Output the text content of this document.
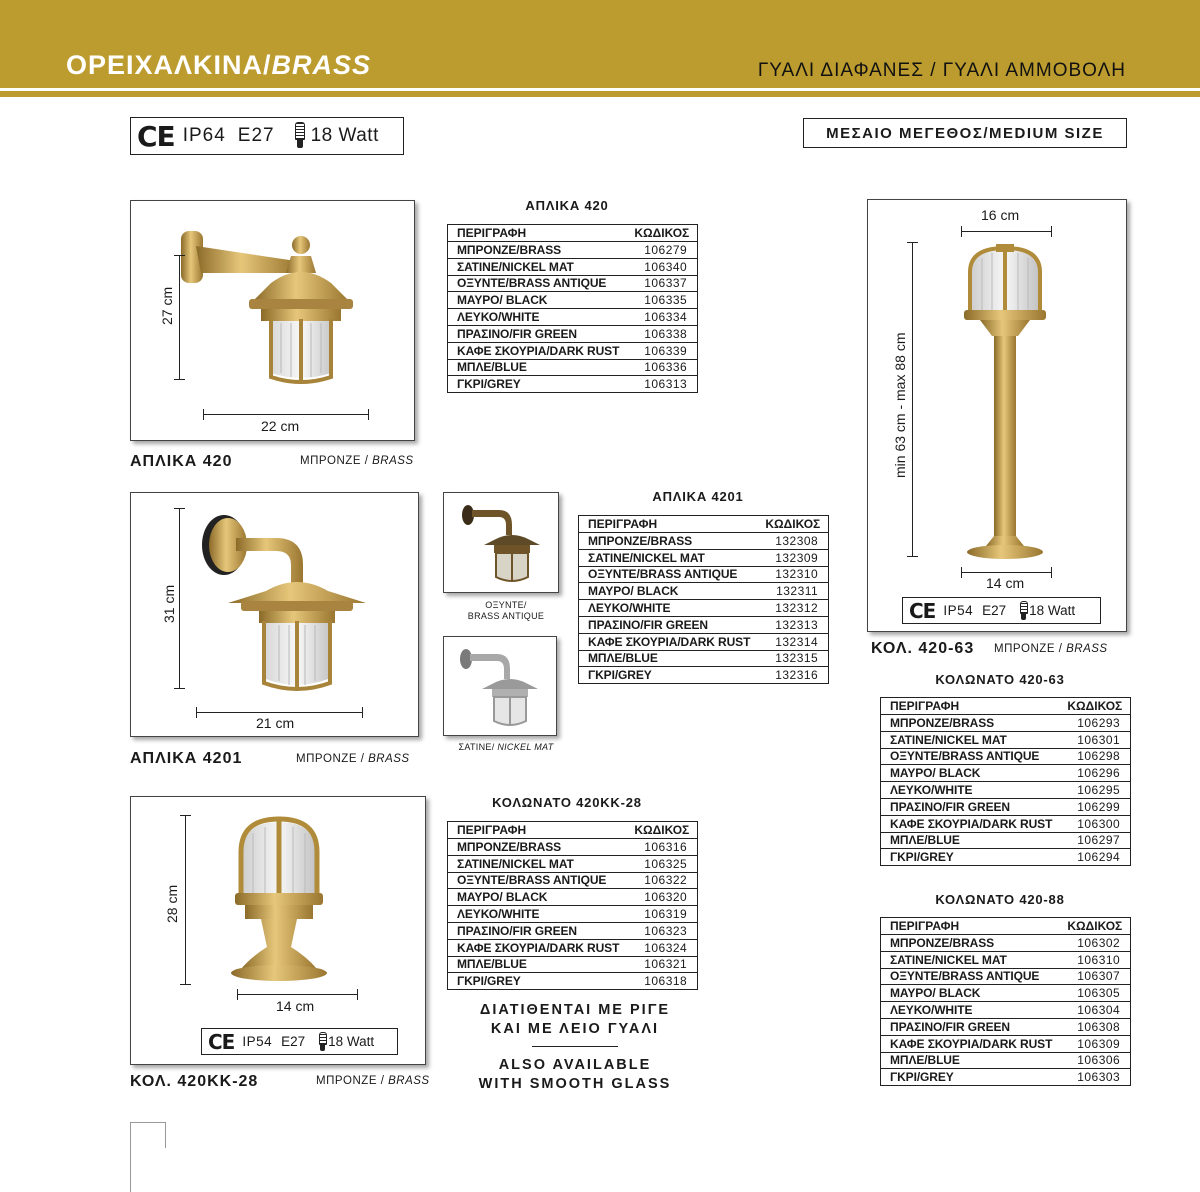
ΟΡΕΙΧΑΛΚΙΝΑ/BRASS	ΓΥΑΛΙ ΔΙΑΦΑΝΕΣ / ΓΥΑΛΙ ΑΜΜΟΒΟΛΗ
CE IP64 E27 18 Watt	ΜΕΣΑΙΟ ΜΕΓΕΘΟΣ/MEDIUM SIZE
27 cm
22 cm
ΑΠΛΙΚΑ 420	ΜΠΡΟΝΖΕ / BRASS
ΑΠΛΙΚΑ 420
ΠΕΡΙΓΡΑΦΗ	ΚΩΔΙΚΟΣ
ΜΠΡΟΝΖΕ/BRASS	106279
ΣΑΤΙΝΕ/NICKEL MAT	106340
ΟΞΥΝΤΕ/BRASS ANTIQUE	106337
ΜΑΥΡΟ/ BLACK	106335
ΛΕΥΚΟ/WHITE	106334
ΠΡΑΣΙΝΟ/FIR GREEN	106338
ΚΑΦΕ ΣΚΟΥΡΙΑ/DARK RUST	106339
ΜΠΛΕ/BLUE	106336
ΓΚΡΙ/GREY	106313
31 cm
21 cm
ΑΠΛΙΚΑ 4201	ΜΠΡΟΝΖΕ / BRASS
ΟΞΥΝΤΕ/
BRASS ANTIQUE
ΣΑΤΙΝΕ/ NICKEL MAT
ΑΠΛΙΚΑ 4201
ΠΕΡΙΓΡΑΦΗ	ΚΩΔΙΚΟΣ
ΜΠΡΟΝΖΕ/BRASS	132308
ΣΑΤΙΝΕ/NICKEL MAT	132309
ΟΞΥΝΤΕ/BRASS ANTIQUE	132310
ΜΑΥΡΟ/ BLACK	132311
ΛΕΥΚΟ/WHITE	132312
ΠΡΑΣΙΝΟ/FIR GREEN	132313
ΚΑΦΕ ΣΚΟΥΡΙΑ/DARK RUST	132314
ΜΠΛΕ/BLUE	132315
ΓΚΡΙ/GREY	132316
16 cm
min 63 cm - max 88 cm
14 cm
CE IP54 E27 18 Watt
ΚΟΛ. 420-63 ΜΠΡΟΝΖΕ / BRASS
ΚΟΛΩΝΑΤΟ 420-63
ΠΕΡΙΓΡΑΦΗ	ΚΩΔΙΚΟΣ
ΜΠΡΟΝΖΕ/BRASS	106293
ΣΑΤΙΝΕ/NICKEL MAT	106301
ΟΞΥΝΤΕ/BRASS ANTIQUE	106298
ΜΑΥΡΟ/ BLACK	106296
ΛΕΥΚΟ/WHITE	106295
ΠΡΑΣΙΝΟ/FIR GREEN	106299
ΚΑΦΕ ΣΚΟΥΡΙΑ/DARK RUST	106300
ΜΠΛΕ/BLUE	106297
ΓΚΡΙ/GREY	106294
ΚΟΛΩΝΑΤΟ 420-88
ΠΕΡΙΓΡΑΦΗ	ΚΩΔΙΚΟΣ
ΜΠΡΟΝΖΕ/BRASS	106302
ΣΑΤΙΝΕ/NICKEL MAT	106310
ΟΞΥΝΤΕ/BRASS ANTIQUE	106307
ΜΑΥΡΟ/ BLACK	106305
ΛΕΥΚΟ/WHITE	106304
ΠΡΑΣΙΝΟ/FIR GREEN	106308
ΚΑΦΕ ΣΚΟΥΡΙΑ/DARK RUST	106309
ΜΠΛΕ/BLUE	106306
ΓΚΡΙ/GREY	106303
28 cm
14 cm
CE IP54 E27 18 Watt
ΚΟΛ. 420ΚΚ-28	ΜΠΡΟΝΖΕ / BRASS
ΚΟΛΩΝΑΤΟ 420ΚΚ-28
ΠΕΡΙΓΡΑΦΗ	ΚΩΔΙΚΟΣ
ΜΠΡΟΝΖΕ/BRASS	106316
ΣΑΤΙΝΕ/NICKEL MAT	106325
ΟΞΥΝΤΕ/BRASS ANTIQUE	106322
ΜΑΥΡΟ/ BLACK	106320
ΛΕΥΚΟ/WHITE	106319
ΠΡΑΣΙΝΟ/FIR GREEN	106323
ΚΑΦΕ ΣΚΟΥΡΙΑ/DARK RUST	106324
ΜΠΛΕ/BLUE	106321
ΓΚΡΙ/GREY	106318
ΔΙΑΤΙΘΕΝΤΑΙ ΜΕ ΡΙΓΕ
ΚΑΙ ΜΕ ΛΕΙΟ ΓΥΑΛΙ
ALSO AVAILABLE
WITH SMOOTH GLASS
